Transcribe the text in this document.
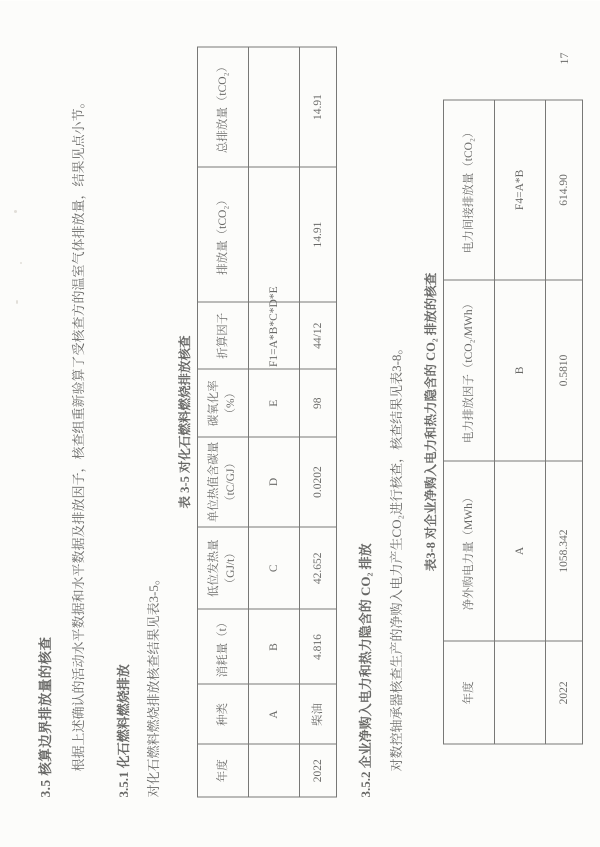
3.5 核算边界排放量的核查	根据上述确认的活动水平数据和水平数据及排放因子，核查组重新验算了受核查方的温室气体排放量，结果见点小节。	3.5.1 化石燃料燃烧排放	对化石燃料燃烧排放核查结果见表3-5。

表 3-5 对化石燃料燃烧排放核查
年度	种类	消耗量（t）	低位发热量（GJ/t）	单位热值含碳量（tC/GJ）	碳氧化率（%）	折算因子	排放量（tCO₂）	总排放量（tCO₂）
	A	B	C	D	E	F1=A*B*C*D*E		
2022	柴油	4.816	42.652	0.0202	98	44/12	14.91	14.91
3.5.2 企业净购入电力和热力隐含的 CO₂ 排放	对数控轴承器核查生产的净购入电力产生CO₂进行核查，核查结果见表3-8。	表3-8 对企业净购入电力和热力隐含的 CO₂ 排放的核查
年度	净外购电力量（MWh）	电力排放因子（tCO₂/MWh）	电力间接排放量（tCO₂）
	A	B	F4=A*B
2022	1058.342	0.5810	614.90
17
